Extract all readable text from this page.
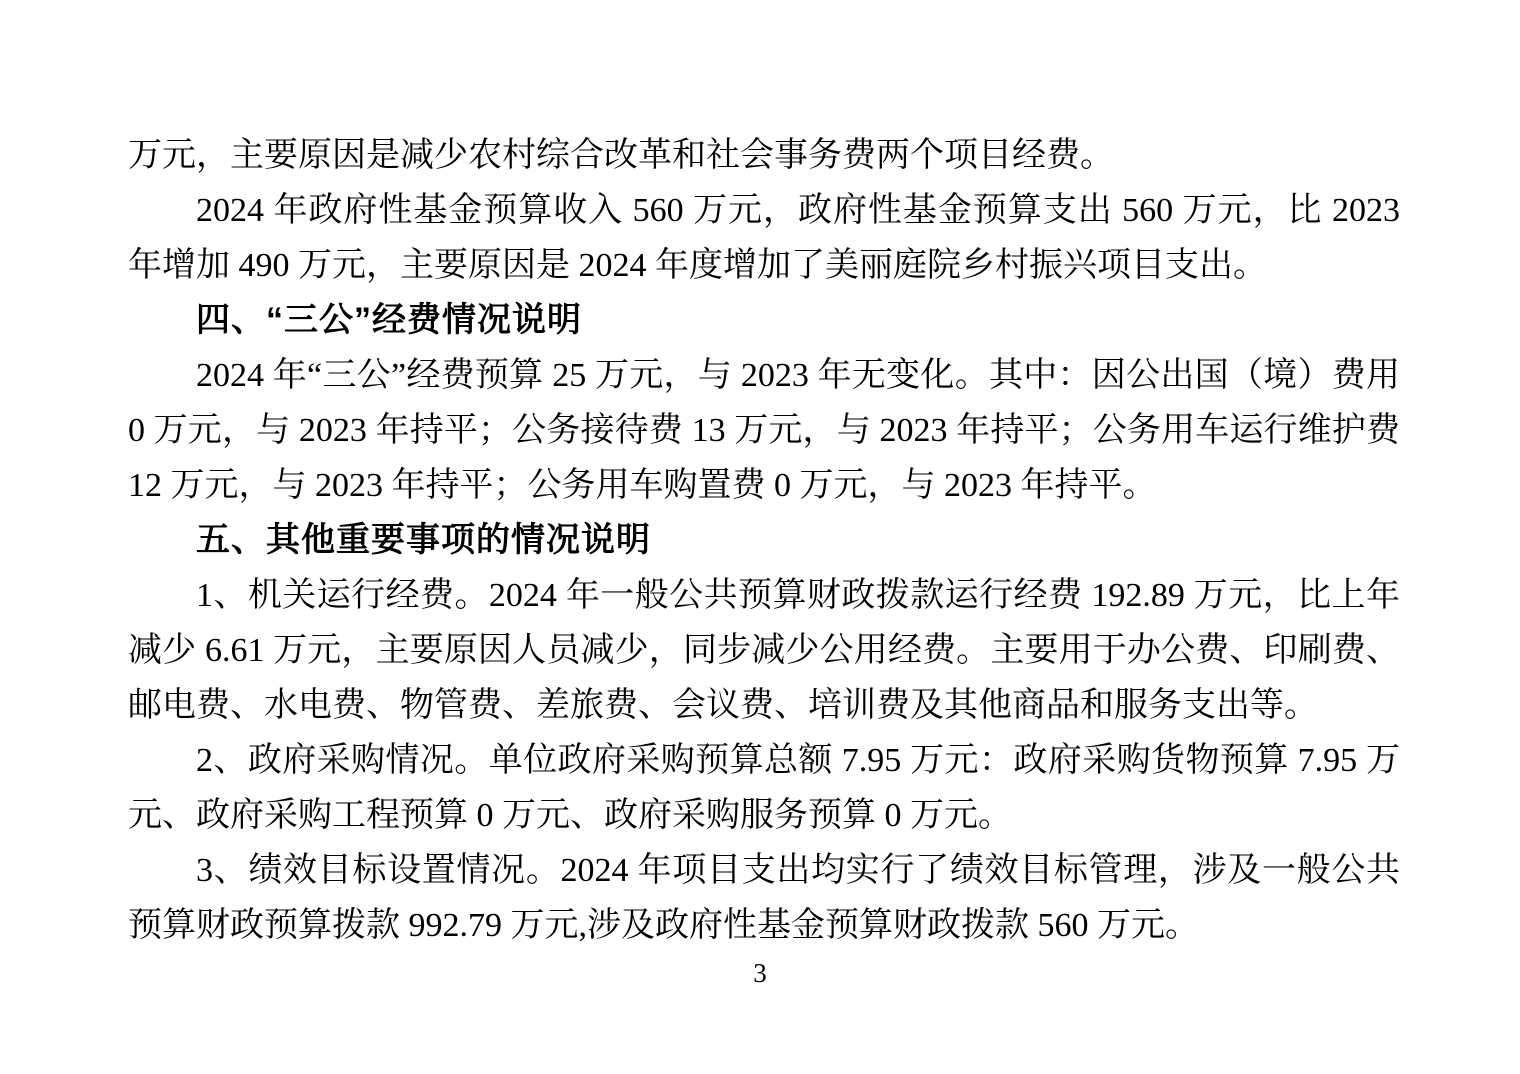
万元，主要原因是减少农村综合改革和社会事务费两个项目经费。

2024 年政府性基金预算收入 560 万元，政府性基金预算支出 560 万元，比 2023 年增加 490 万元，主要原因是 2024 年度增加了美丽庭院乡村振兴项目支出。

四、“三公”经费情况说明

2024 年“三公”经费预算 25 万元，与 2023 年无变化。其中：因公出国（境）费用 0 万元，与 2023 年持平；公务接待费 13 万元，与 2023 年持平；公务用车运行维护费 12 万元，与 2023 年持平；公务用车购置费 0 万元，与 2023 年持平。

五、其他重要事项的情况说明

1、机关运行经费。2024 年一般公共预算财政拨款运行经费 192.89 万元，比上年减少 6.61 万元，主要原因人员减少，同步减少公用经费。主要用于办公费、印刷费、邮电费、水电费、物管费、差旅费、会议费、培训费及其他商品和服务支出等。

2、政府采购情况。单位政府采购预算总额 7.95 万元：政府采购货物预算 7.95 万元、政府采购工程预算 0 万元、政府采购服务预算 0 万元。

3、绩效目标设置情况。2024 年项目支出均实行了绩效目标管理，涉及一般公共预算财政预算拨款 992.79 万元,涉及政府性基金预算财政拨款 560 万元。

3
